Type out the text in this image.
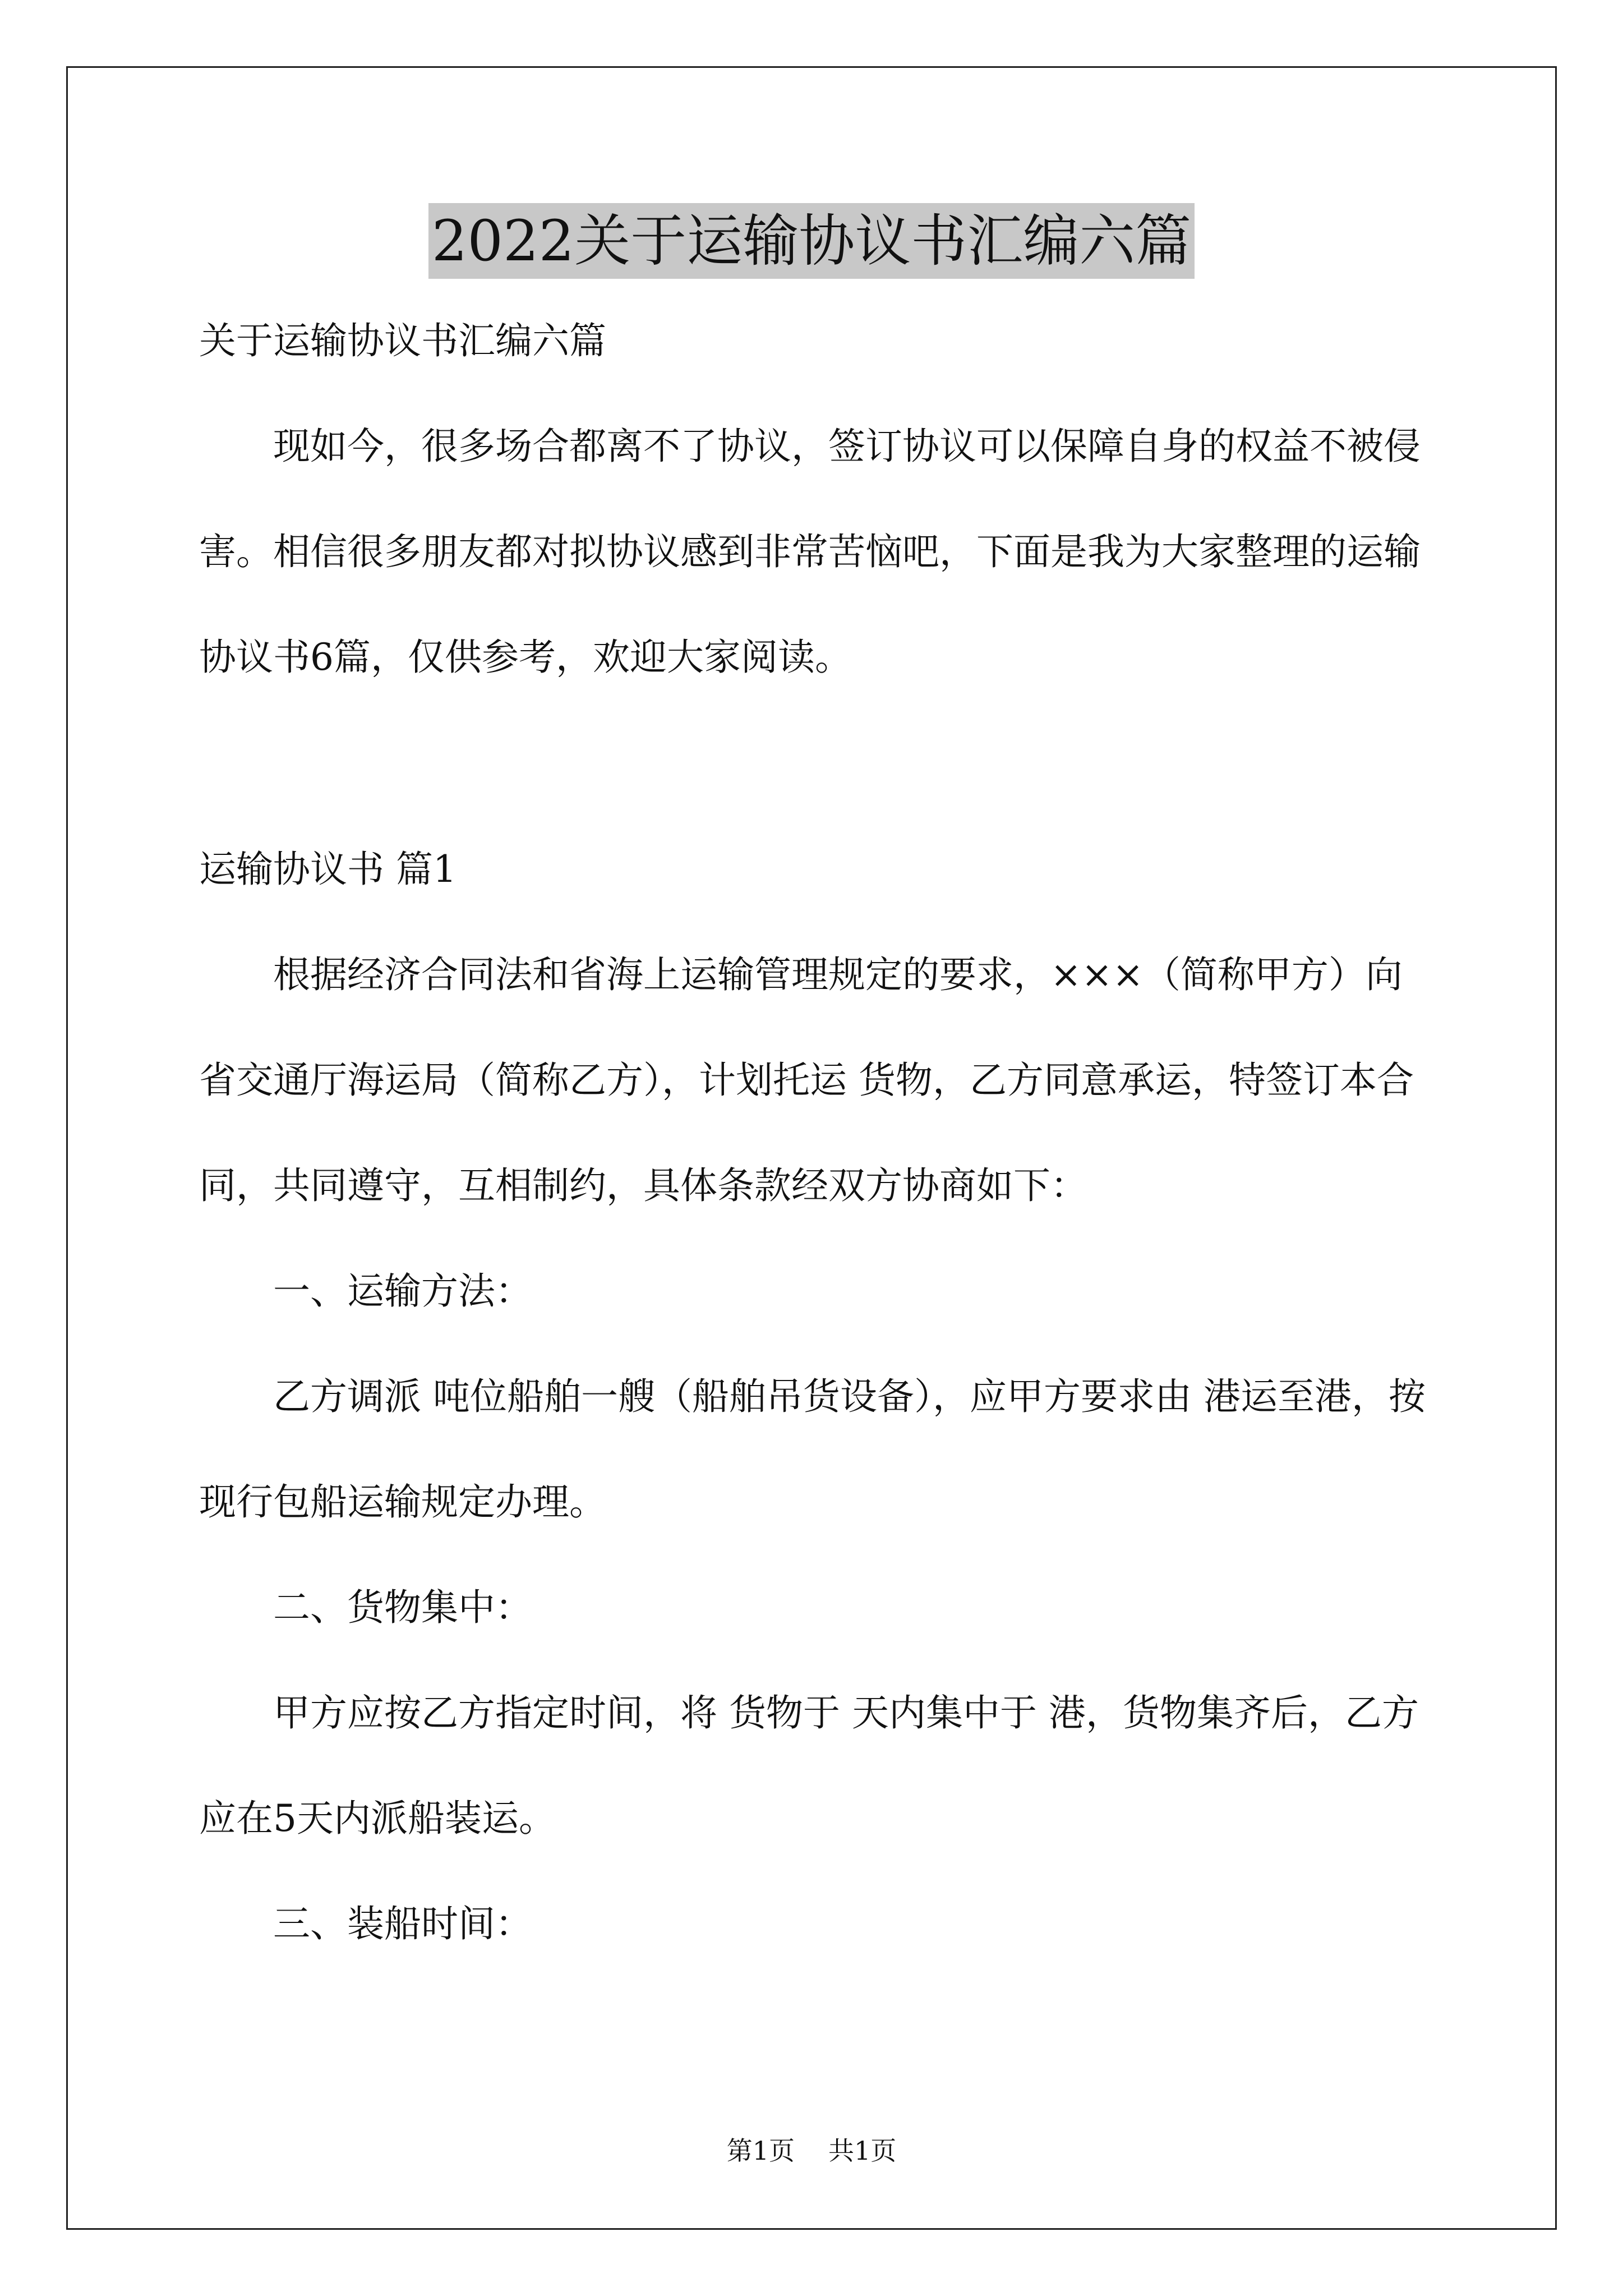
2022关于运输协议书汇编六篇

关于运输协议书汇编六篇

现如今，很多场合都离不了协议，签订协议可以保障自身的权益不被侵害。相信很多朋友都对拟协议感到非常苦恼吧，下面是我为大家整理的运输协议书6篇，仅供参考，欢迎大家阅读。

运输协议书 篇1

根据经济合同法和省海上运输管理规定的要求，×××（简称甲方）向省交通厅海运局（简称乙方），计划托运 货物，乙方同意承运，特签订本合同，共同遵守，互相制约，具体条款经双方协商如下：

一、运输方法：

乙方调派 吨位船舶一艘（船舶吊货设备），应甲方要求由 港运至港，按现行包船运输规定办理。

二、货物集中：

甲方应按乙方指定时间，将 货物于 天内集中于 港，货物集齐后，乙方应在5天内派船装运。

三、装船时间：

第1页 共1页
